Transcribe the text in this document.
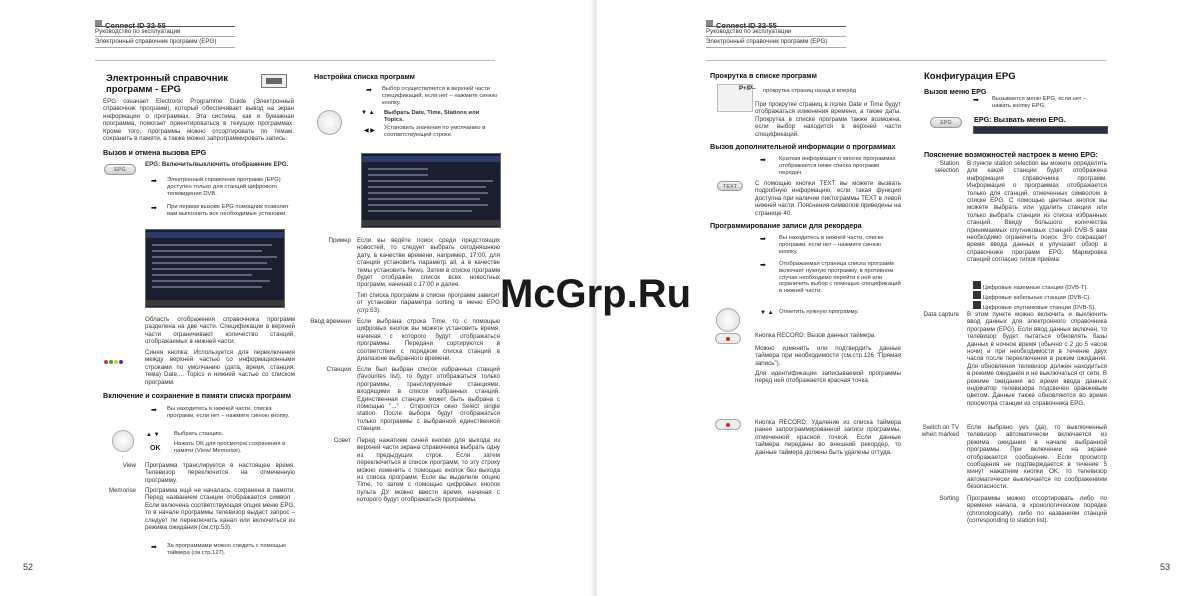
Руководство по эксплуатации
Электронный справочник программ (EPG)
Электронный справочник программ - EPG
EPG означает Electronic Programme Guide (Электронный справочник программ), который обеспечивает вывод на экран информации о программах. Эта система, как и бумажная программа, помогает ориентироваться в текущих программах. Кроме того, программы можно отсортировать по темам, сохранить в памяти, а также можно запрограммировать запись.
Вызов и отмена вызова EPG
EPG
EPG: Включить/выключить отображение EPG.
➡ Электронный справочник программ (EPG) доступен только для станций цифрового телевидения DVB.
➡ При первом вызове EPG помощник позволит вам выполнить все необходимые установки.
Область отображения справочника программ разделена на две части. Спецификации в верхней части ограничивают количество станций, отображаемых в нижней части.
Синяя кнопка: Используется для переключения между верхней частью со информационными строками по умолчанию (дата, время, станция, тема) Date,... Topics и нижней частью со списком программ.
Включение и сохранение в памяти списка программ
➡ Вы находитесь в нижней части, списка программ, если нет – нажмите синюю кнопку.
▲ ▼ Выбрать станцию.
OK
Нажать OK для просмотра/ сохранения в памяти (View/ Memorise).
View Программа транслируется в настоящее время. Телевизор переключится на отмеченную программу.
Memorise Программа ещё не началась, сохранена в памяти. Перед названием станции отображается символ . Если включена соответствующая опция меню EPG, то в начале программы телевизор выдаст запрос – следует ли переключить канал или включиться из режима ожидания (см.стр.53).
➡ За программами можно следить с помощью таймера (см.стр.127).
Настройка списка программ
➡ Выбор осуществляется в верхней части спецификаций, если нет – нажмите синюю кнопку.
▼ ▲ Выбрать Date, Time, Stations или Topics.
◀ ▶ Установить значения по умолчанию в соответствующей строке.
Пример Если вы ведёте поиск среди предстоящих новостей, то следует выбрать сегодняшнюю дату, в качестве времени, например, 17:00, для станций установить параметр all, а в качестве темы установить News. Затем в списке программ будет отображён список всех новостных программ, начиная с 17:00 и далее.
Тип списка программ в списке программ зависит от установки параметра sorting в меню EPG (стр.53).
Ввод времени Если выбрана строка Time, то с помощью цифровых кнопок вы можете установить время, начиная с которого будут отображаться программы. Передачи сортируются в соответствии с порядком списка станций в диапазоне выбранного времени.
Станции Если был выбран список избранных станций (favourites list), то будут отображаться только программы, транслируемые станциями, входящими в список избранных станций. Единственная станция может быть выбрана с помощью "..." . Откроется окно Select single station. После выбора будут отображаться только программы с выбранной единственной станции.
Совет Перед нажатием синей кнопки для выхода из верхней части экрана справочника выбрать одну из предыдущих строк. Если затем переключиться в список программ, то эту строку можно изменить с помощью кнопок без выхода из списка программ. Если вы выделили опцию Time, то затем с помощью цифровых кнопок пульта ДУ можно ввести время, начиная с которого будут отображаться программы.
52
Руководство по эксплуатации
Электронный справочник программ (EPG)
Прокрутка в списке программ
P+/P– прокрутка страниц назад и вперёд
При прокрутке страниц в полях Date и Time будут отображаться изменения времени, а также даты. Прокрутка в списке программ также возможна, если выбор находится в верхней части спецификаций.
Вызов дополнительной информации о программах
➡ Краткая информация о многих программах отображается ниже списка программ передач.
TEXT	С помощью кнопки TEXT вы можете вызвать подробную информацию, если такая функция доступна при наличии пиктограммы TEXT в левой нижней части. Пояснения символов приведены на странице 40.
Программирование записи для рекордера
➡ Вы находитесь в нижней части, списке программ. если нет – нажмите синюю кнопку.
➡ Отображаемая страница списка программ включает нужную программу, в противном случае необходимо перейти к ней или ограничить выбор с помощью спецификаций в нижней части.
▼ ▲ Отметить нужную программу.
Кнопка RECORD: Вызов данных таймера.
Можно изменить или подтвердить данные таймера при необходимости (см.стр.126 "Прямая запись").
Для идентификации записываемой программы перед ней отображается красная точка.
Кнопка RECORD: Удаление из списка таймера ранее запрограммированной записи программы, отмеченной красной точкой. Если данные таймера переданы во внешний рекордер, то данные таймера должны быть удалены оттуда.
Конфигурация EPG
Вызов меню EPG
➡ Вызывается меню EPG, если нет – нажать кнопку EPG.
EPG	EPG: Вызвать меню EPG.
Пояснение возможностей настроек в меню EPG:
Station selection
В пункте station selection вы можете определить для какой станции будет отображена информация справочника программ. Информация о программах отображается только для станций, отмеченных символом в списке EPG. С помощью цветных кнопок вы можете выбрать или удалить станции или только выбрать станции из списка избранных станций. Ввиду большого количества принимаемых спутниковых станций DVB-S вам необходимо ограничить поиск. Это сокращает время ввода данных и улучшает обзор в справочнике программ EPG. Маркировка станций согласно типов приёма:
Цифровые наземные станции (DVB-T).
Цифровые кабельные станции (DVB-C).
Цифровые спутниковые станции (DVB-S).
Data capture В этом пункте можно включить и выключить ввод данных для электронного справочника программ (EPG). Если ввод данных включен, то телевизор будет пытаться обновлять базы данных в ночное время (обычно с 2 до 5 часов ночи) и при необходимости в течение двух часов после переключения в режим ожидания. Для обновления телевизор должен находиться в режиме ожидания и не выключаться от сети. В режиме ожидания во время ввода данных индикатор телевизора подсвечен оранжевым цветом. Данные также обновляются во время просмотра станции из справочника EPG.
Switch on TV when marked
Если выбрано yes (да), то выключенный телевизор автоматически включается из режима ожидания в начале выбранной программы. При включении на экране отображается сообщение. Если просмотр сообщения не подтверждается в течение 5 минут нажатием кнопки OK, то телевизор автоматически выключается по соображениям безопасности.
Sorting Программы можно отсортировать либо по времени начала, в хронологическом порядке (chronologically), либо по названиям станций (corresponding to station list).
53
McGrp.Ru
